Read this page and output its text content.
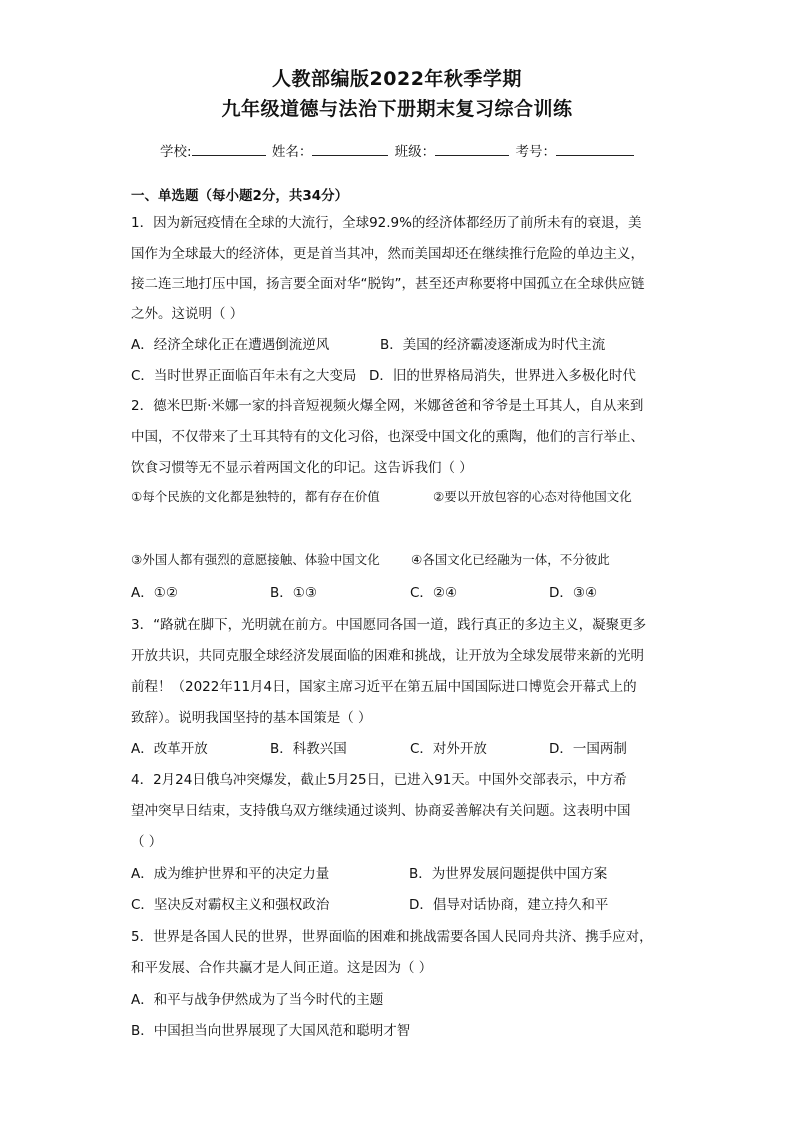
人教部编版2022年秋季学期
九年级道德与法治下册期末复习综合训练
学校:	姓名：	班级：	考号：
一、单选题（每小题2分，共34分）
1．因为新冠疫情在全球的大流行，全球92.9%的经济体都经历了前所未有的衰退，美
国作为全球最大的经济体，更是首当其冲，然而美国却还在继续推行危险的单边主义，
接二连三地打压中国，扬言要全面对华“脱钩”，甚至还声称要将中国孤立在全球供应链
之外。这说明（ ）
A．经济全球化正在遭遇倒流逆风	B．美国的经济霸凌逐渐成为时代主流
C．当时世界正面临百年未有之大变局 D．旧的世界格局消失，世界进入多极化时代
2．德米巴斯·米娜一家的抖音短视频火爆全网，米娜爸爸和爷爷是土耳其人，自从来到
中国，不仅带来了土耳其特有的文化习俗，也深受中国文化的熏陶，他们的言行举止、
饮食习惯等无不显示着两国文化的印记。这告诉我们（ ）
①每个民族的文化都是独特的，都有存在价值	②要以开放包容的心态对待他国文化
③外国人都有强烈的意愿接触、体验中国文化	④各国文化已经融为一体，不分彼此
A．①②	B．①③	C．②④	D．③④
3．“路就在脚下，光明就在前方。中国愿同各国一道，践行真正的多边主义，凝聚更多
开放共识，共同克服全球经济发展面临的困难和挑战，让开放为全球发展带来新的光明
前程！（2022年11月4日，国家主席习近平在第五届中国国际进口博览会开幕式上的
致辞）。说明我国坚持的基本国策是（ ）
A．改革开放	B．科教兴国	C．对外开放	D．一国两制
4．2月24日俄乌冲突爆发，截止5月25日，已进入91天。中国外交部表示，中方希
望冲突早日结束，支持俄乌双方继续通过谈判、协商妥善解决有关问题。这表明中国
（ ）
A．成为维护世界和平的决定力量	B．为世界发展问题提供中国方案
C．坚决反对霸权主义和强权政治	D．倡导对话协商，建立持久和平
5．世界是各国人民的世界，世界面临的困难和挑战需要各国人民同舟共济、携手应对，
和平发展、合作共赢才是人间正道。这是因为（ ）
A．和平与战争伊然成为了当今时代的主题
B．中国担当向世界展现了大国风范和聪明才智
